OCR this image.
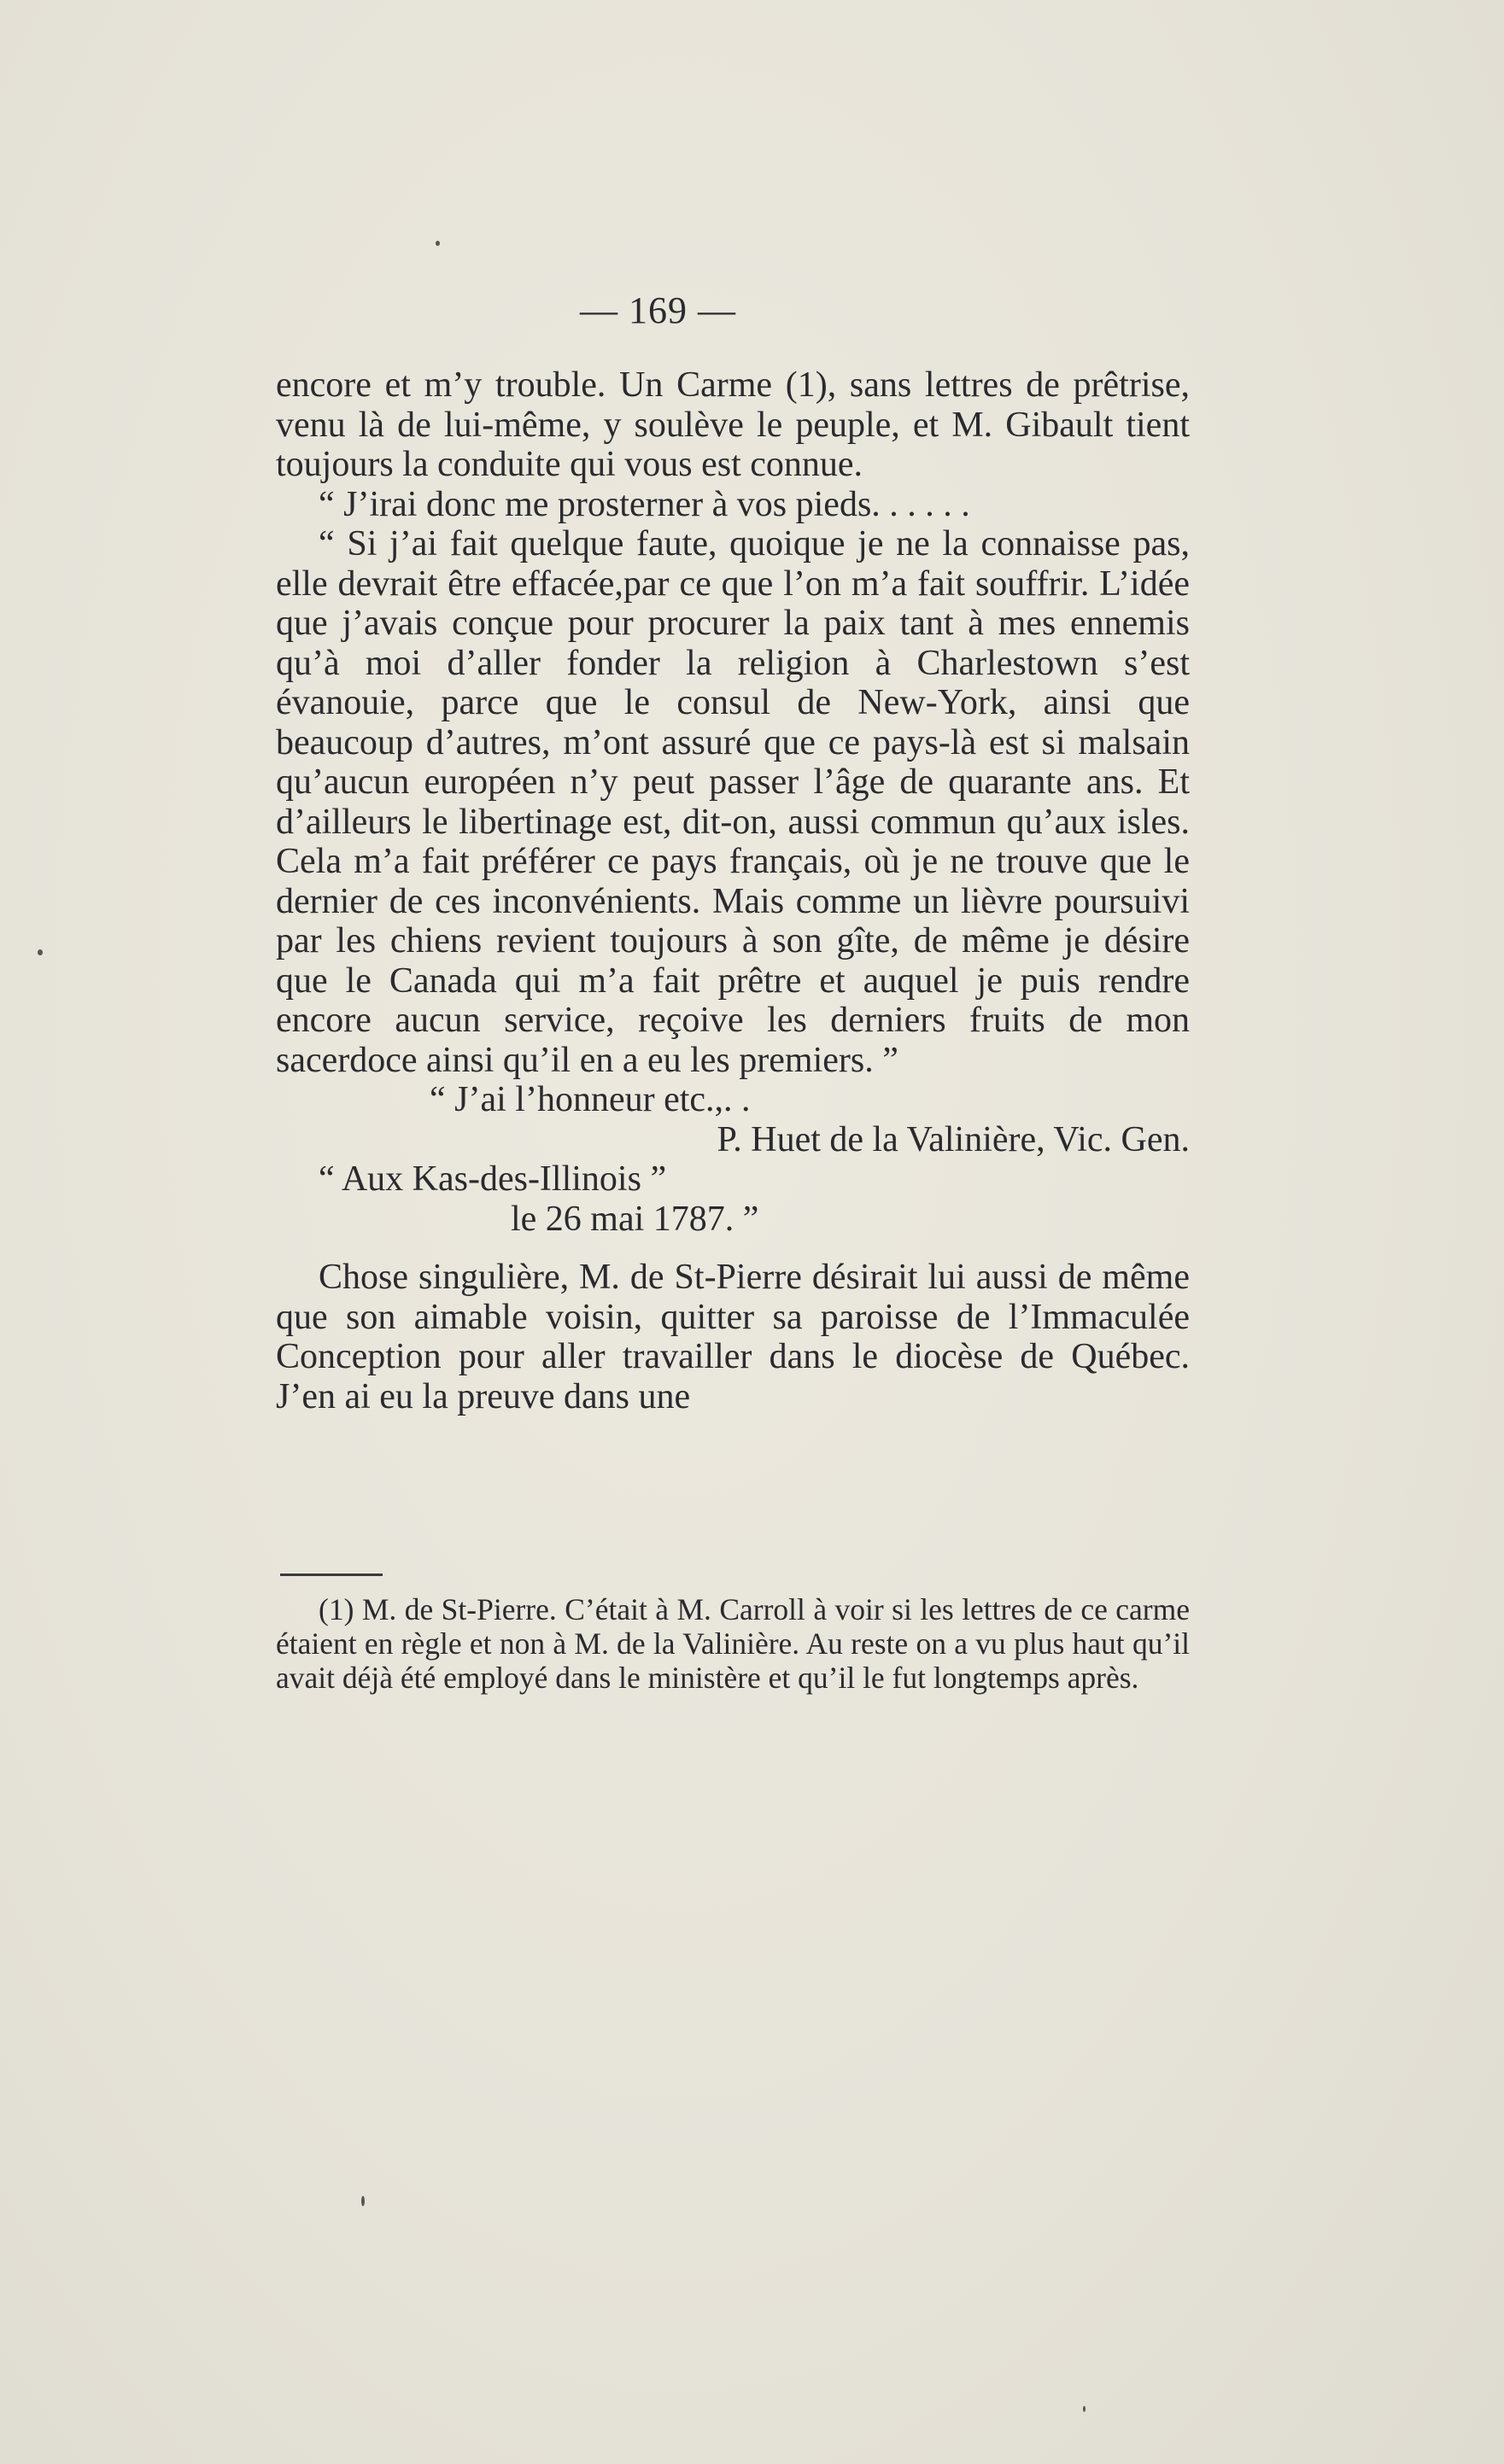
— 169 —

encore et m’y trouble. Un Carme (1), sans lettres de prêtrise, venu là de lui-même, y soulève le peuple, et M. Gibault tient toujours la conduite qui vous est connue.

“ J’irai donc me prosterner à vos pieds. . . . . .

“ Si j’ai fait quelque faute, quoique je ne la connaisse pas, elle devrait être effacée,par ce que l’on m’a fait souffrir. L’idée que j’avais conçue pour procurer la paix tant à mes ennemis qu’à moi d’aller fonder la religion à Charlestown s’est évanouie, parce que le consul de New-York, ainsi que beaucoup d’autres, m’ont assuré que ce pays-là est si malsain qu’aucun européen n’y peut passer l’âge de quarante ans. Et d’ailleurs le libertinage est, dit-on, aussi commun qu’aux isles. Cela m’a fait préférer ce pays français, où je ne trouve que le dernier de ces inconvénients. Mais comme un lièvre poursuivi par les chiens revient toujours à son gîte, de même je désire que le Canada qui m’a fait prêtre et auquel je puis rendre encore aucun service, reçoive les derniers fruits de mon sacerdoce ainsi qu’il en a eu les premiers. ”

“ J’ai l’honneur etc.,. .

P. Huet de la Valinière, Vic. Gen.

“ Aux Kas-des-Illinois ”

le 26 mai 1787. ”

Chose singulière, M. de St-Pierre désirait lui aussi de même que son aimable voisin, quitter sa paroisse de l’Immaculée Conception pour aller travailler dans le diocèse de Québec. J’en ai eu la preuve dans une

(1) M. de St-Pierre. C’était à M. Carroll à voir si les lettres de ce carme étaient en règle et non à M. de la Valinière. Au reste on a vu plus haut qu’il avait déjà été employé dans le ministère et qu’il le fut longtemps après.
